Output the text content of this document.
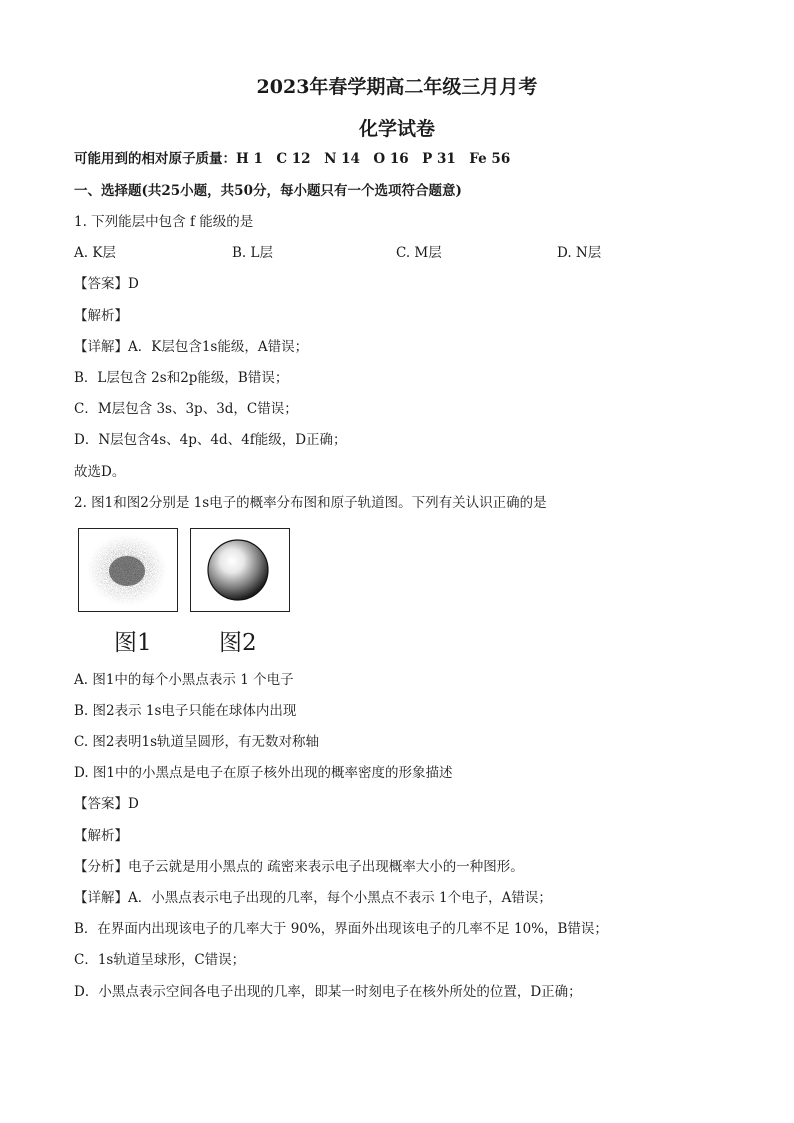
2023年春学期高二年级三月月考
化学试卷
可能用到的相对原子质量：H 1　C 12　N 14　O 16　P 31　Fe 56
一、选择题(共25小题，共50分，每小题只有一个选项符合题意)
1. 下列能层中包含 f 能级的是
A. K层	B. L层	C. M层	D. N层
【答案】D
【解析】
【详解】A．K层包含1s能级，A错误；
B．L层包含 2s和2p能级，B错误；
C．M层包含 3s、3p、3d，C错误；
D．N层包含4s、4p、4d、4f能级，D正确；
故选D。
2. 图1和图2分别是 1s电子的概率分布图和原子轨道图。下列有关认识正确的是
图1	图2
A. 图1中的每个小黑点表示 1 个电子
B. 图2表示 1s电子只能在球体内出现
C. 图2表明1s轨道呈圆形，有无数对称轴
D. 图1中的小黑点是电子在原子核外出现的概率密度的形象描述
【答案】D
【解析】
【分析】电子云就是用小黑点的 疏密来表示电子出现概率大小的一种图形。
【详解】A．小黑点表示电子出现的几率，每个小黑点不表示 1个电子，A错误；
B．在界面内出现该电子的几率大于 90%，界面外出现该电子的几率不足 10%，B错误；
C．1s轨道呈球形，C错误；
D．小黑点表示空间各电子出现的几率，即某一时刻电子在核外所处的位置，D正确；
